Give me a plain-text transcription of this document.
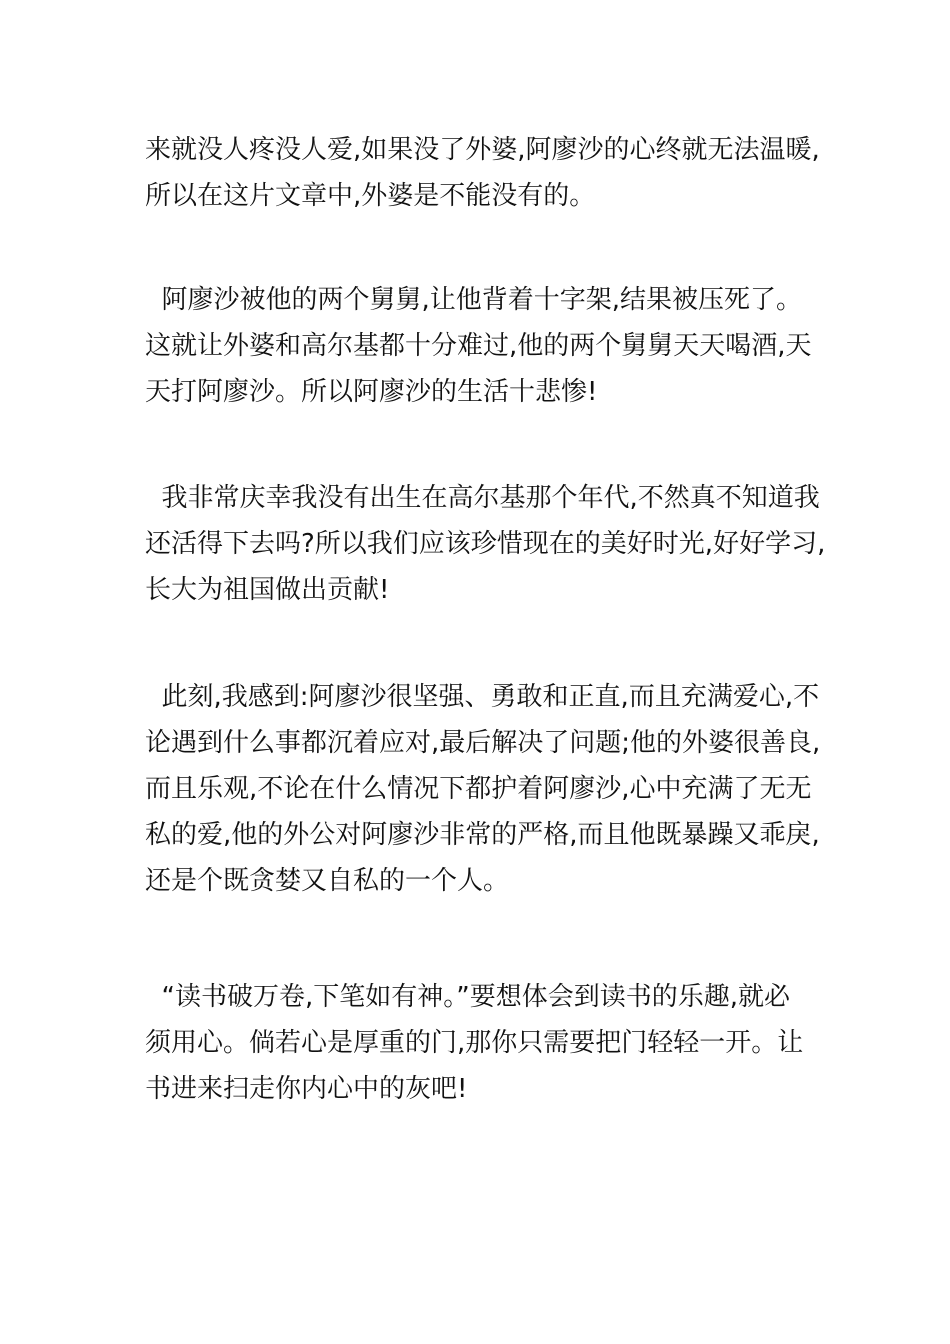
来就没人疼没人爱,如果没了外婆,阿廖沙的心终就无法温暖,
所以在这片文章中,外婆是不能没有的。

阿廖沙被他的两个舅舅,让他背着十字架,结果被压死了。
这就让外婆和高尔基都十分难过,他的两个舅舅天天喝酒,天
天打阿廖沙。所以阿廖沙的生活十悲惨!

我非常庆幸我没有出生在高尔基那个年代,不然真不知道我
还活得下去吗?所以我们应该珍惜现在的美好时光,好好学习,
长大为祖国做出贡献!

此刻,我感到:阿廖沙很坚强、勇敢和正直,而且充满爱心,不
论遇到什么事都沉着应对,最后解决了问题;他的外婆很善良,
而且乐观,不论在什么情况下都护着阿廖沙,心中充满了无无
私的爱,他的外公对阿廖沙非常的严格,而且他既暴躁又乖戾,
还是个既贪婪又自私的一个人。

“读书破万卷,下笔如有神。”要想体会到读书的乐趣,就必
须用心。倘若心是厚重的门,那你只需要把门轻轻一开。让
书进来扫走你内心中的灰吧!
